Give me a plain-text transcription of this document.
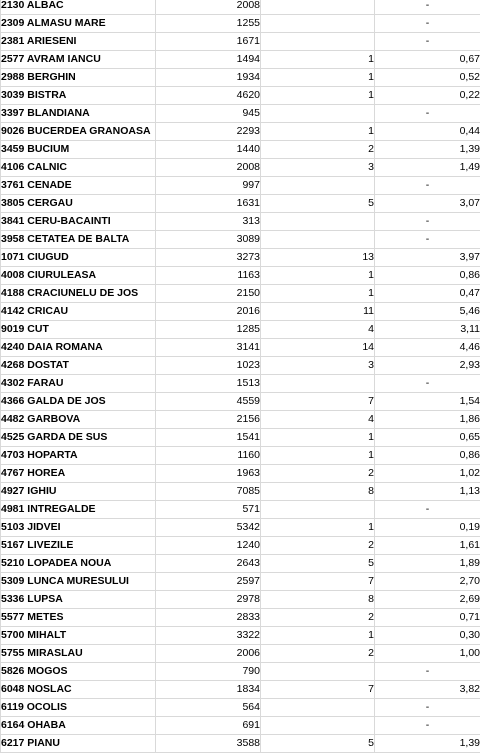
2130 ALBAC	2008		-
2309 ALMASU MARE	1255		-
2381 ARIESENI	1671		-
2577 AVRAM IANCU	1494	1	0,67
2988 BERGHIN	1934	1	0,52
3039 BISTRA	4620	1	0,22
3397 BLANDIANA	945		-
9026 BUCERDEA GRANOASA	2293	1	0,44
3459 BUCIUM	1440	2	1,39
4106 CALNIC	2008	3	1,49
3761 CENADE	997		-
3805 CERGAU	1631	5	3,07
3841 CERU-BACAINTI	313		-
3958 CETATEA DE BALTA	3089		-
1071 CIUGUD	3273	13	3,97
4008 CIURULEASA	1163	1	0,86
4188 CRACIUNELU DE JOS	2150	1	0,47
4142 CRICAU	2016	11	5,46
9019 CUT	1285	4	3,11
4240 DAIA ROMANA	3141	14	4,46
4268 DOSTAT	1023	3	2,93
4302 FARAU	1513		-
4366 GALDA DE JOS	4559	7	1,54
4482 GARBOVA	2156	4	1,86
4525 GARDA DE SUS	1541	1	0,65
4703 HOPARTA	1160	1	0,86
4767 HOREA	1963	2	1,02
4927 IGHIU	7085	8	1,13
4981 INTREGALDE	571		-
5103 JIDVEI	5342	1	0,19
5167 LIVEZILE	1240	2	1,61
5210 LOPADEA NOUA	2643	5	1,89
5309 LUNCA MURESULUI	2597	7	2,70
5336 LUPSA	2978	8	2,69
5577 METES	2833	2	0,71
5700 MIHALT	3322	1	0,30
5755 MIRASLAU	2006	2	1,00
5826 MOGOS	790		-
6048 NOSLAC	1834	7	3,82
6119 OCOLIS	564		-
6164 OHABA	691		-
6217 PIANU	3588	5	1,39
